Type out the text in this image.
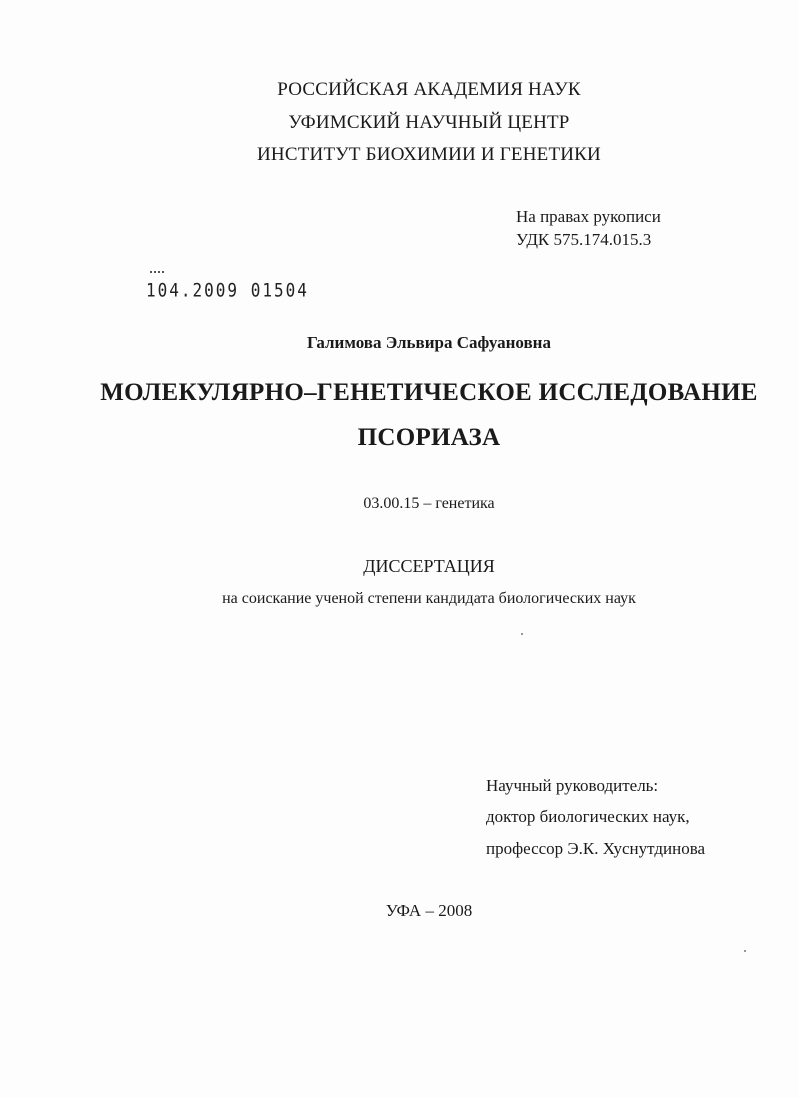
РОССИЙСКАЯ АКАДЕМИЯ НАУК
УФИМСКИЙ НАУЧНЫЙ ЦЕНТР
ИНСТИТУТ БИОХИМИИ И ГЕНЕТИКИ
На правах рукописи
УДК 575.174.015.3
104.2009 01504
Галимова Эльвира Сафуановна
МОЛЕКУЛЯРНО–ГЕНЕТИЧЕСКОЕ ИССЛЕДОВАНИЕ
ПСОРИАЗА
03.00.15 – генетика
ДИССЕРТАЦИЯ
на соискание ученой степени кандидата биологических наук
Научный руководитель:
доктор биологических наук,
профессор Э.К. Хуснутдинова
УФА – 2008
